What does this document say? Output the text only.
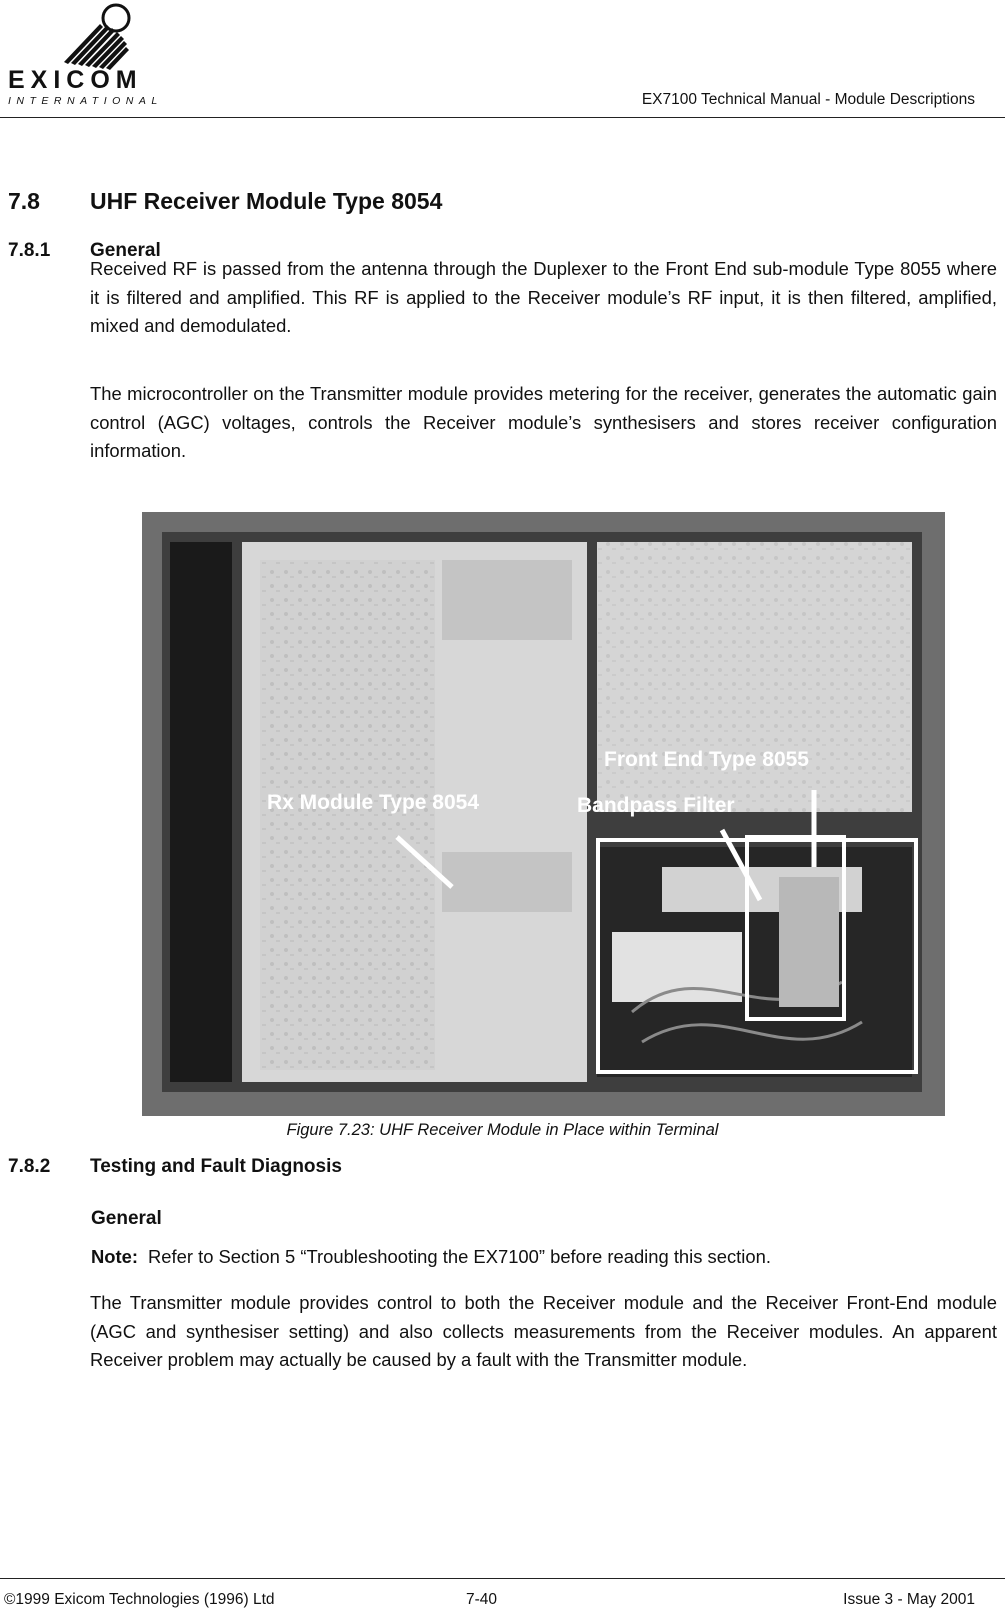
EXICOM
INTERNATIONAL	EX7100 Technical Manual - Module Descriptions
7.8 UHF Receiver Module Type 8054
7.8.1 General

Received RF is passed from the antenna through the Duplexer to the Front End sub-module Type 8055 where it is filtered and amplified. This RF is applied to the Receiver module’s RF input, it is then filtered, amplified, mixed and demodulated.

The microcontroller on the Transmitter module provides metering for the receiver, generates the automatic gain control (AGC) voltages, controls the Receiver module’s synthesisers and stores receiver configuration information.

Front End Type 8055
Bandpass Filter
Rx Module Type 8054
Figure 7.23: UHF Receiver Module in Place within Terminal
7.8.2 Testing and Fault Diagnosis
General
Note: Refer to Section 5 “Troubleshooting the EX7100” before reading this section.

The Transmitter module provides control to both the Receiver module and the Receiver Front-End module (AGC and synthesiser setting) and also collects measurements from the Receiver modules. An apparent Receiver problem may actually be caused by a fault with the Transmitter module.

©1999 Exicom Technologies (1996) Ltd	7-40	Issue 3 - May 2001
